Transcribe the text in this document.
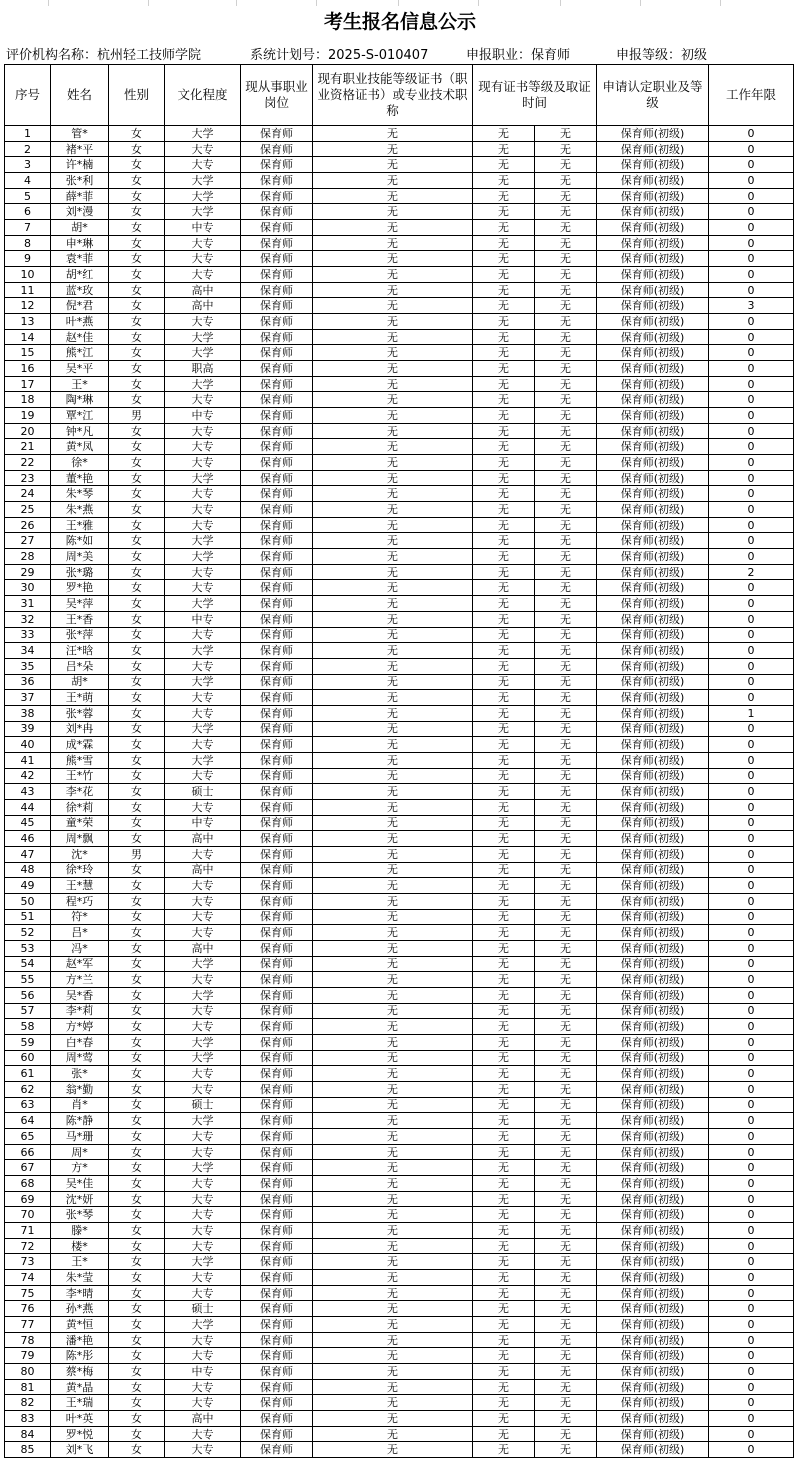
考生报名信息公示
评价机构名称：杭州轻工技师学院	系统计划号：2025-S-010407	申报职业：保育师	申报等级：初级
序号	姓名	性别	文化程度	现从事职业岗位	现有职业技能等级证书（职业资格证书）或专业技术职称	现有证书等级及取证时间		申请认定职业及等级	工作年限
1	管*	女	大学	保育师	无	无	无	保育师(初级)	0
2	褚*平	女	大专	保育师	无	无	无	保育师(初级)	0
3	许*楠	女	大专	保育师	无	无	无	保育师(初级)	0
4	张*利	女	大学	保育师	无	无	无	保育师(初级)	0
5	薛*菲	女	大学	保育师	无	无	无	保育师(初级)	0
6	刘*漫	女	大学	保育师	无	无	无	保育师(初级)	0
7	胡*	女	中专	保育师	无	无	无	保育师(初级)	0
8	申*琳	女	大专	保育师	无	无	无	保育师(初级)	0
9	袁*菲	女	大专	保育师	无	无	无	保育师(初级)	0
10	胡*红	女	大专	保育师	无	无	无	保育师(初级)	0
11	蓝*玫	女	高中	保育师	无	无	无	保育师(初级)	0
12	倪*君	女	高中	保育师	无	无	无	保育师(初级)	3
13	叶*燕	女	大专	保育师	无	无	无	保育师(初级)	0
14	赵*佳	女	大学	保育师	无	无	无	保育师(初级)	0
15	熊*江	女	大学	保育师	无	无	无	保育师(初级)	0
16	吴*平	女	职高	保育师	无	无	无	保育师(初级)	0
17	王*	女	大学	保育师	无	无	无	保育师(初级)	0
18	陶*琳	女	大专	保育师	无	无	无	保育师(初级)	0
19	覃*江	男	中专	保育师	无	无	无	保育师(初级)	0
20	钟*凡	女	大专	保育师	无	无	无	保育师(初级)	0
21	黄*凤	女	大专	保育师	无	无	无	保育师(初级)	0
22	徐*	女	大专	保育师	无	无	无	保育师(初级)	0
23	董*艳	女	大学	保育师	无	无	无	保育师(初级)	0
24	朱*琴	女	大专	保育师	无	无	无	保育师(初级)	0
25	朱*燕	女	大专	保育师	无	无	无	保育师(初级)	0
26	王*雅	女	大专	保育师	无	无	无	保育师(初级)	0
27	陈*如	女	大学	保育师	无	无	无	保育师(初级)	0
28	周*美	女	大学	保育师	无	无	无	保育师(初级)	0
29	张*璐	女	大专	保育师	无	无	无	保育师(初级)	2
30	罗*艳	女	大专	保育师	无	无	无	保育师(初级)	0
31	吴*萍	女	大学	保育师	无	无	无	保育师(初级)	0
32	王*香	女	中专	保育师	无	无	无	保育师(初级)	0
33	张*萍	女	大专	保育师	无	无	无	保育师(初级)	0
34	汪*晗	女	大学	保育师	无	无	无	保育师(初级)	0
35	吕*朵	女	大专	保育师	无	无	无	保育师(初级)	0
36	胡*	女	大学	保育师	无	无	无	保育师(初级)	0
37	王*萌	女	大专	保育师	无	无	无	保育师(初级)	0
38	张*蓉	女	大专	保育师	无	无	无	保育师(初级)	1
39	刘*冉	女	大学	保育师	无	无	无	保育师(初级)	0
40	成*霖	女	大专	保育师	无	无	无	保育师(初级)	0
41	熊*雪	女	大学	保育师	无	无	无	保育师(初级)	0
42	王*竹	女	大专	保育师	无	无	无	保育师(初级)	0
43	李*花	女	硕士	保育师	无	无	无	保育师(初级)	0
44	徐*莉	女	大专	保育师	无	无	无	保育师(初级)	0
45	童*荣	女	中专	保育师	无	无	无	保育师(初级)	0
46	周*飘	女	高中	保育师	无	无	无	保育师(初级)	0
47	沈*	男	大专	保育师	无	无	无	保育师(初级)	0
48	徐*玲	女	高中	保育师	无	无	无	保育师(初级)	0
49	王*慧	女	大专	保育师	无	无	无	保育师(初级)	0
50	程*巧	女	大专	保育师	无	无	无	保育师(初级)	0
51	符*	女	大专	保育师	无	无	无	保育师(初级)	0
52	吕*	女	大专	保育师	无	无	无	保育师(初级)	0
53	冯*	女	高中	保育师	无	无	无	保育师(初级)	0
54	赵*军	女	大学	保育师	无	无	无	保育师(初级)	0
55	方*兰	女	大专	保育师	无	无	无	保育师(初级)	0
56	吴*香	女	大学	保育师	无	无	无	保育师(初级)	0
57	李*莉	女	大专	保育师	无	无	无	保育师(初级)	0
58	方*婷	女	大专	保育师	无	无	无	保育师(初级)	0
59	白*春	女	大学	保育师	无	无	无	保育师(初级)	0
60	周*莺	女	大学	保育师	无	无	无	保育师(初级)	0
61	张*	女	大专	保育师	无	无	无	保育师(初级)	0
62	翁*勤	女	大专	保育师	无	无	无	保育师(初级)	0
63	肖*	女	硕士	保育师	无	无	无	保育师(初级)	0
64	陈*静	女	大学	保育师	无	无	无	保育师(初级)	0
65	马*珊	女	大专	保育师	无	无	无	保育师(初级)	0
66	周*	女	大专	保育师	无	无	无	保育师(初级)	0
67	方*	女	大学	保育师	无	无	无	保育师(初级)	0
68	吴*佳	女	大专	保育师	无	无	无	保育师(初级)	0
69	沈*妍	女	大专	保育师	无	无	无	保育师(初级)	0
70	张*琴	女	大专	保育师	无	无	无	保育师(初级)	0
71	滕*	女	大专	保育师	无	无	无	保育师(初级)	0
72	楼*	女	大专	保育师	无	无	无	保育师(初级)	0
73	王*	女	大学	保育师	无	无	无	保育师(初级)	0
74	朱*莹	女	大专	保育师	无	无	无	保育师(初级)	0
75	李*晴	女	大专	保育师	无	无	无	保育师(初级)	0
76	孙*燕	女	硕士	保育师	无	无	无	保育师(初级)	0
77	黄*恒	女	大学	保育师	无	无	无	保育师(初级)	0
78	潘*艳	女	大专	保育师	无	无	无	保育师(初级)	0
79	陈*彤	女	大专	保育师	无	无	无	保育师(初级)	0
80	蔡*梅	女	中专	保育师	无	无	无	保育师(初级)	0
81	黄*晶	女	大专	保育师	无	无	无	保育师(初级)	0
82	王*瑞	女	大专	保育师	无	无	无	保育师(初级)	0
83	叶*英	女	高中	保育师	无	无	无	保育师(初级)	0
84	罗*悦	女	大专	保育师	无	无	无	保育师(初级)	0
85	刘*飞	女	大专	保育师	无	无	无	保育师(初级)	0
